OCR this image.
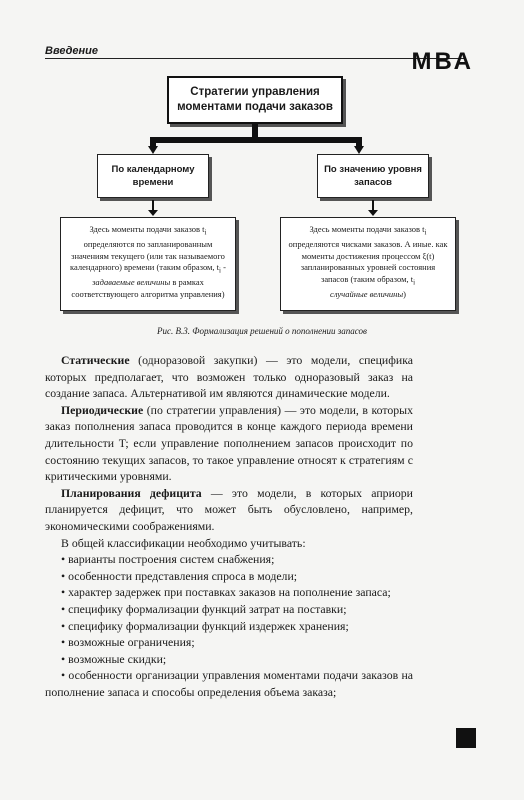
Введение	МВА
Стратегии управления моментами подачи заказов
По календарному времени
По значению уровня запасов
Здесь моменты подачи заказов $t_i$ определяются по запланированным значениям текущего (или так называемого календарного) времени (таким образом, $t_i$ - задаваемые величины в рамках соответствующего алгоритма управления)
Здесь моменты подачи заказов $t_i$ определяются чисками заказов. А иные. как моменты достижения процессом ξ(t) запланированных уровней состояния запасов (таким образом, $t_i$
случайные величины)
Рис. В.3. Формализация решений о пополнении запасов

Статические (одноразовой закупки) — это модели, специфика которых предполагает, что возможен только одноразовый заказ на создание запаса. Альтернативой им являются динамические модели.

Периодические (по стратегии управления) — это модели, в которых заказ пополнения запаса проводится в конце каждого периода времени длительности T; если управление пополнением запасов происходит по состоянию текущих запасов, то такое управление относят к стратегиям с критическими уровнями.

Планирования дефицита — это модели, в которых априори планируется дефицит, что может быть обусловлено, например, экономическими соображениями.

В общей классификации необходимо учитывать:

• варианты построения систем снабжения;

• особенности представления спроса в модели;

• характер задержек при поставках заказов на пополнение запаса;

• специфику формализации функций затрат на поставки;

• специфику формализации функций издержек хранения;

• возможные ограничения;

• возможные скидки;

• особенности организации управления моментами подачи заказов на пополнение запаса и способы определения объема заказа;
